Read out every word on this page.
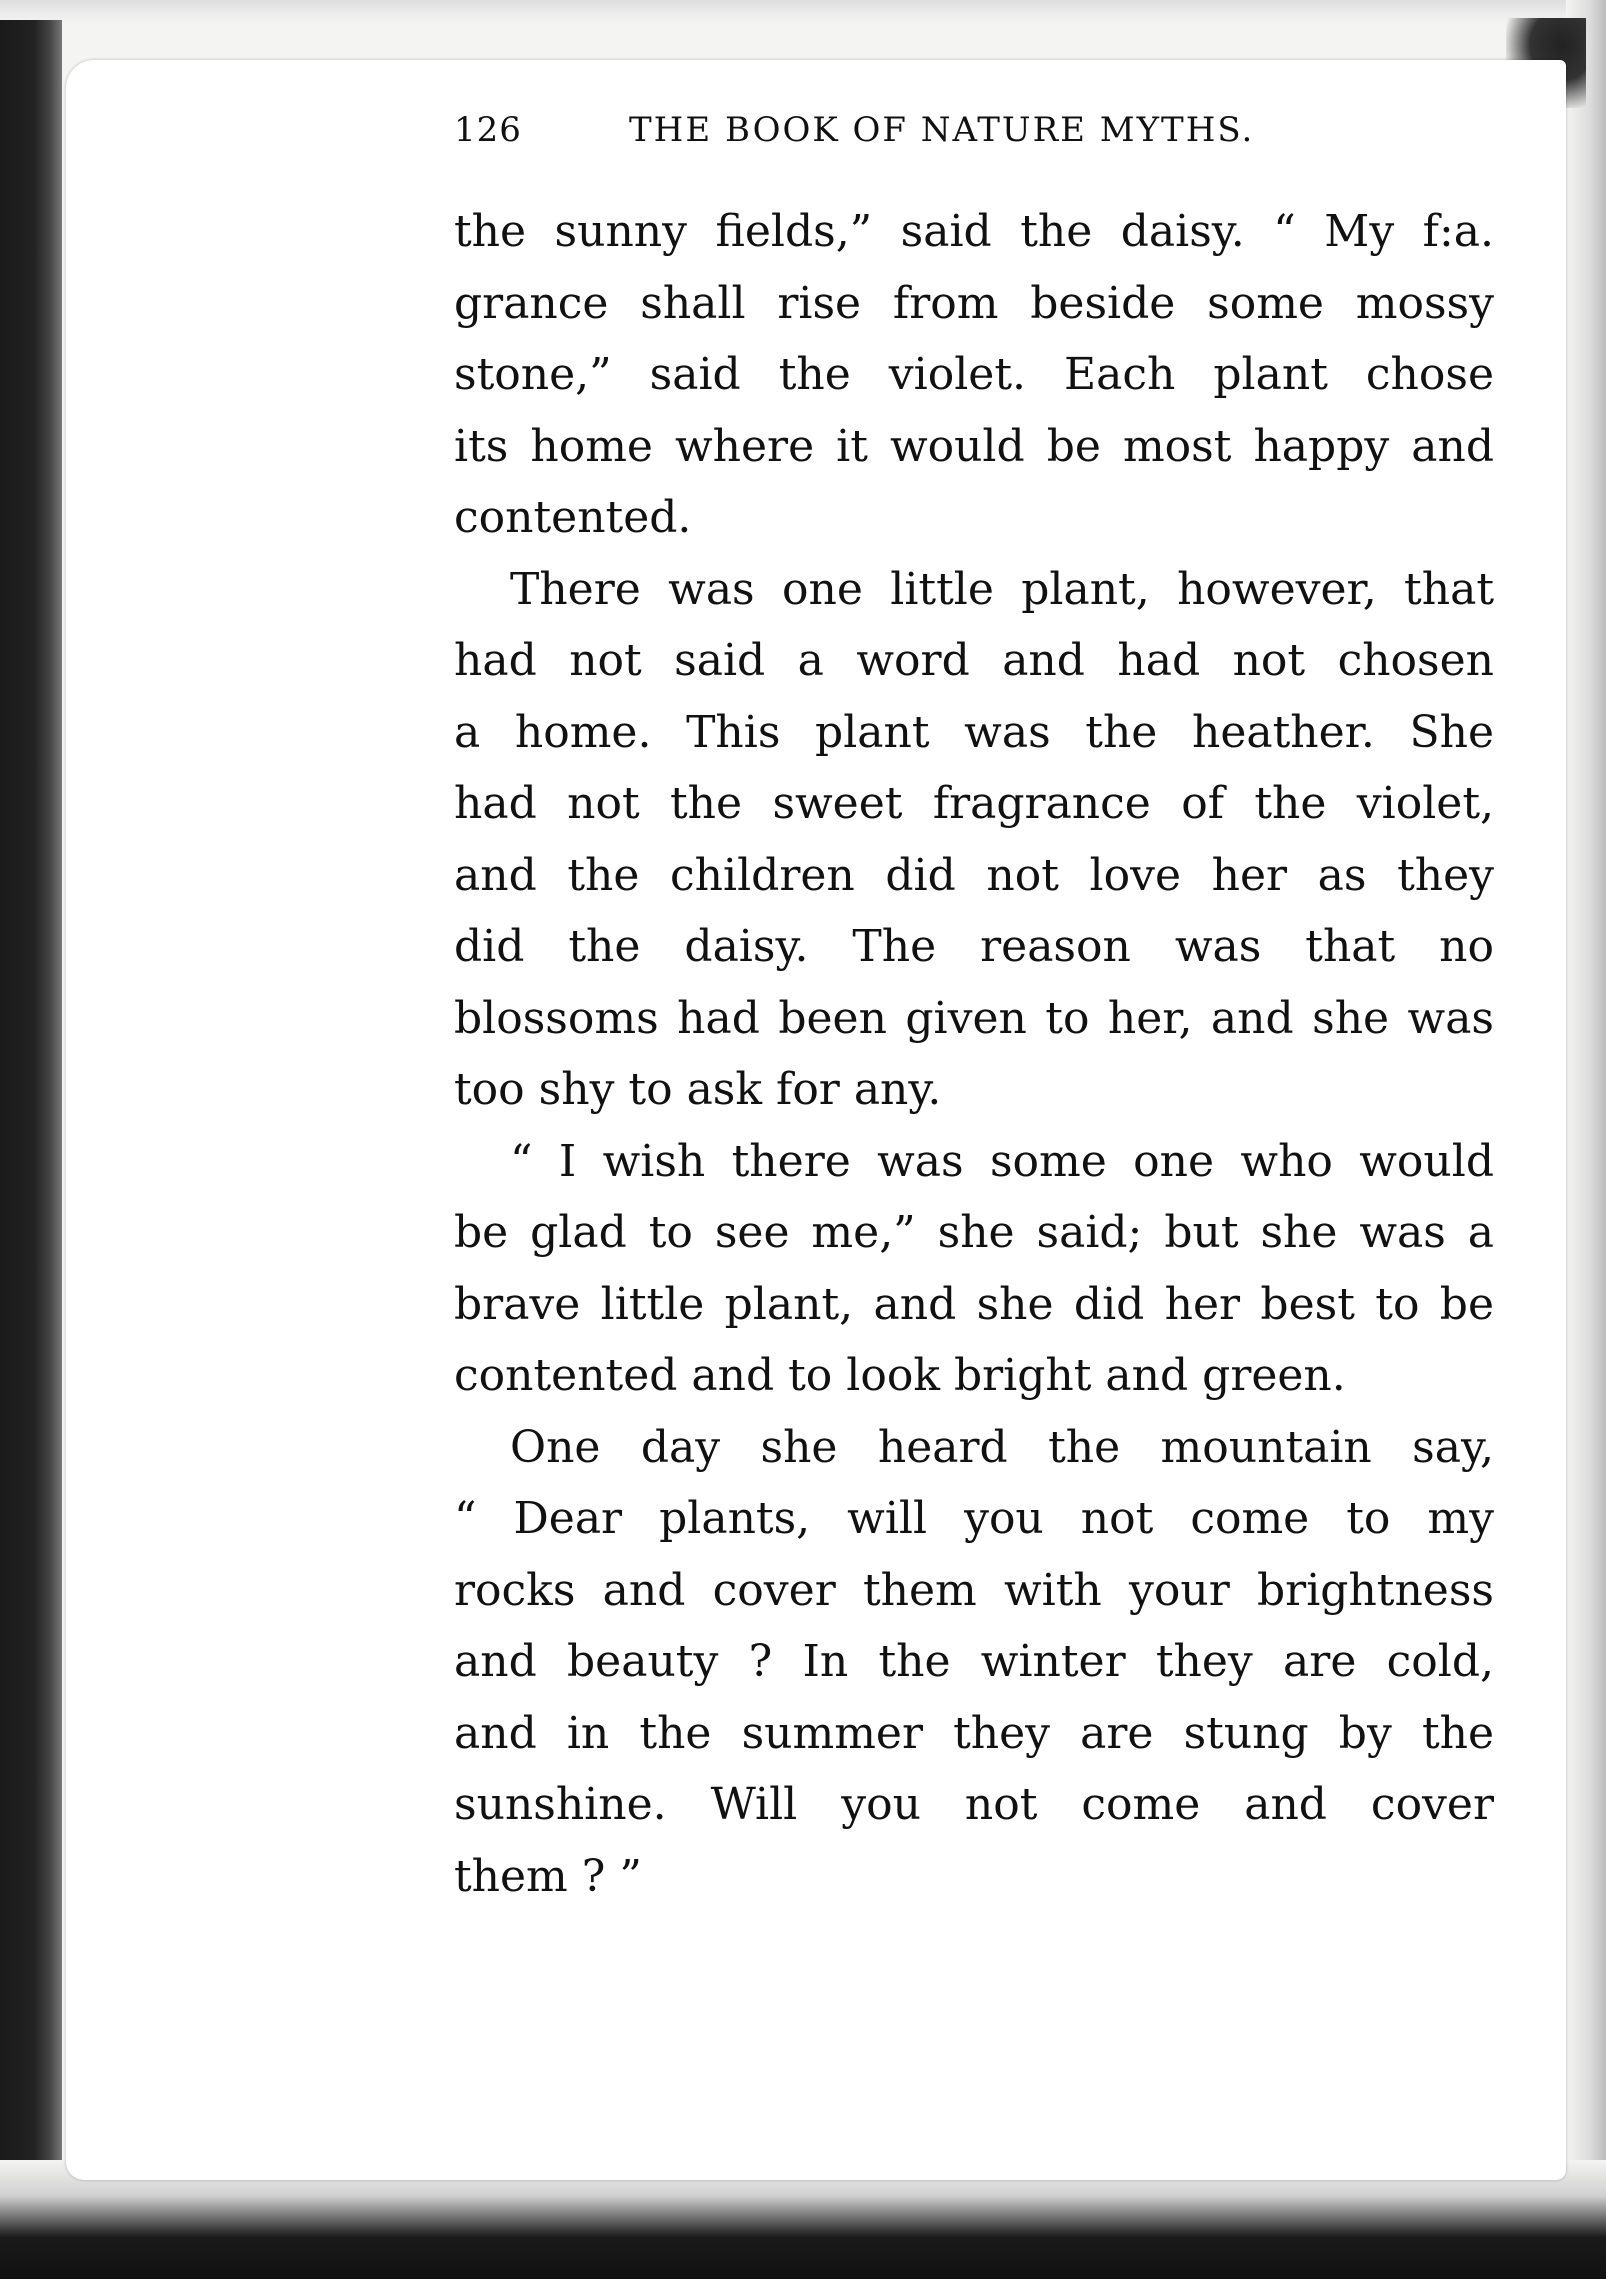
126	THE BOOK OF NATURE MYTHS.
the sunny fields,” said the daisy. “ My f:a.
grance shall rise from beside some mossy
stone,” said the violet. Each plant chose
its home where it would be most happy and
contented.
There was one little plant, however, that
had not said a word and had not chosen
a home. This plant was the heather. She
had not the sweet fragrance of the violet,
and the children did not love her as they
did the daisy. The reason was that no
blossoms had been given to her, and she was
too shy to ask for any.
“ I wish there was some one who would
be glad to see me,” she said; but she was a
brave little plant, and she did her best to be
contented and to look bright and green.
One day she heard the mountain say,
“ Dear plants, will you not come to my
rocks and cover them with your brightness
and beauty ? In the winter they are cold,
and in the summer they are stung by the
sunshine. Will you not come and cover
them ? ”
